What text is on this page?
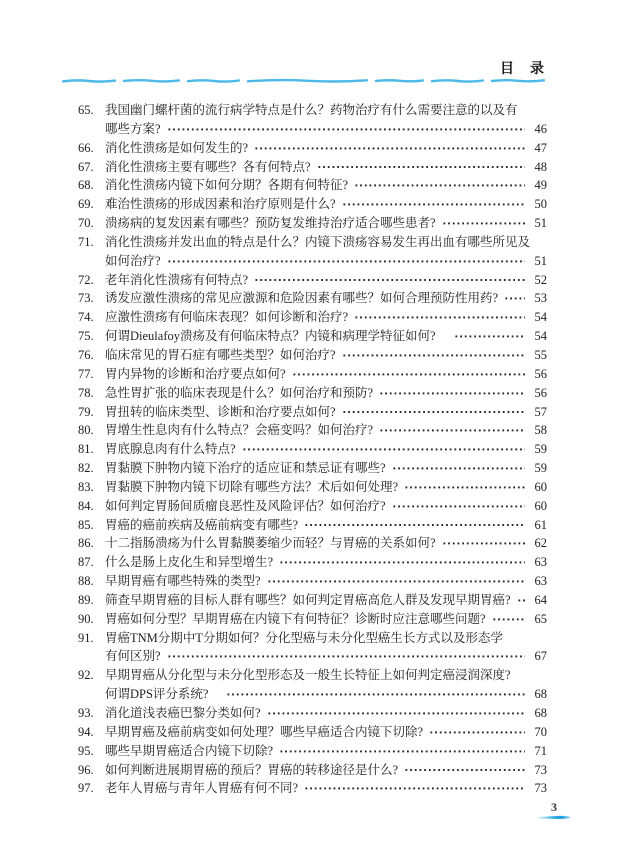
目　录
65. 我国幽门螺杆菌的流行病学特点是什么？药物治疗有什么需要注意的以及有
哪些方案?	46
66. 消化性溃疡是如何发生的?	47
67. 消化性溃疡主要有哪些？各有何特点?	48
68. 消化性溃疡内镜下如何分期？各期有何特征?	49
69. 难治性溃疡的形成因素和治疗原则是什么?	50
70. 溃疡病的复发因素有哪些？预防复发维持治疗适合哪些患者?	51
71. 消化性溃疡并发出血的特点是什么？内镜下溃疡容易发生再出血有哪些所见及
如何治疗?	51
72. 老年消化性溃疡有何特点?	52
73. 诱发应激性溃疡的常见应激源和危险因素有哪些？如何合理预防性用药?	53
74. 应激性溃疡有何临床表现？如何诊断和治疗?	54
75. 何谓Dieulafoy溃疡及有何临床特点？内镜和病理学特征如何?	54
76. 临床常见的胃石症有哪些类型？如何治疗?	55
77. 胃内异物的诊断和治疗要点如何?	56
78. 急性胃扩张的临床表现是什么？如何治疗和预防?	56
79. 胃扭转的临床类型、诊断和治疗要点如何?	57
80. 胃增生性息肉有什么特点？会癌变吗？如何治疗?	58
81. 胃底腺息肉有什么特点?	59
82. 胃黏膜下肿物内镜下治疗的适应证和禁忌证有哪些?	59
83. 胃黏膜下肿物内镜下切除有哪些方法？术后如何处理?	60
84. 如何判定胃肠间质瘤良恶性及风险评估？如何治疗?	60
85. 胃癌的癌前疾病及癌前病变有哪些?	61
86. 十二指肠溃疡为什么胃黏膜萎缩少而轻？与胃癌的关系如何?	62
87. 什么是肠上皮化生和异型增生?	63
88. 早期胃癌有哪些特殊的类型?	63
89. 筛查早期胃癌的目标人群有哪些？如何判定胃癌高危人群及发现早期胃癌?	64
90. 胃癌如何分型？早期胃癌在内镜下有何特征？诊断时应注意哪些问题?	65
91. 胃癌TNM分期中T分期如何？分化型癌与未分化型癌生长方式以及形态学
有何区别?	67
92. 早期胃癌从分化型与未分化型形态及一般生长特征上如何判定癌浸润深度?
何谓DPS评分系统?	68
93. 消化道浅表癌巴黎分类如何?	68
94. 早期胃癌及癌前病变如何处理？哪些早癌适合内镜下切除?	70
95. 哪些早期胃癌适合内镜下切除?	71
96. 如何判断进展期胃癌的预后？胃癌的转移途径是什么?	73
97. 老年人胃癌与青年人胃癌有何不同?	73
3
